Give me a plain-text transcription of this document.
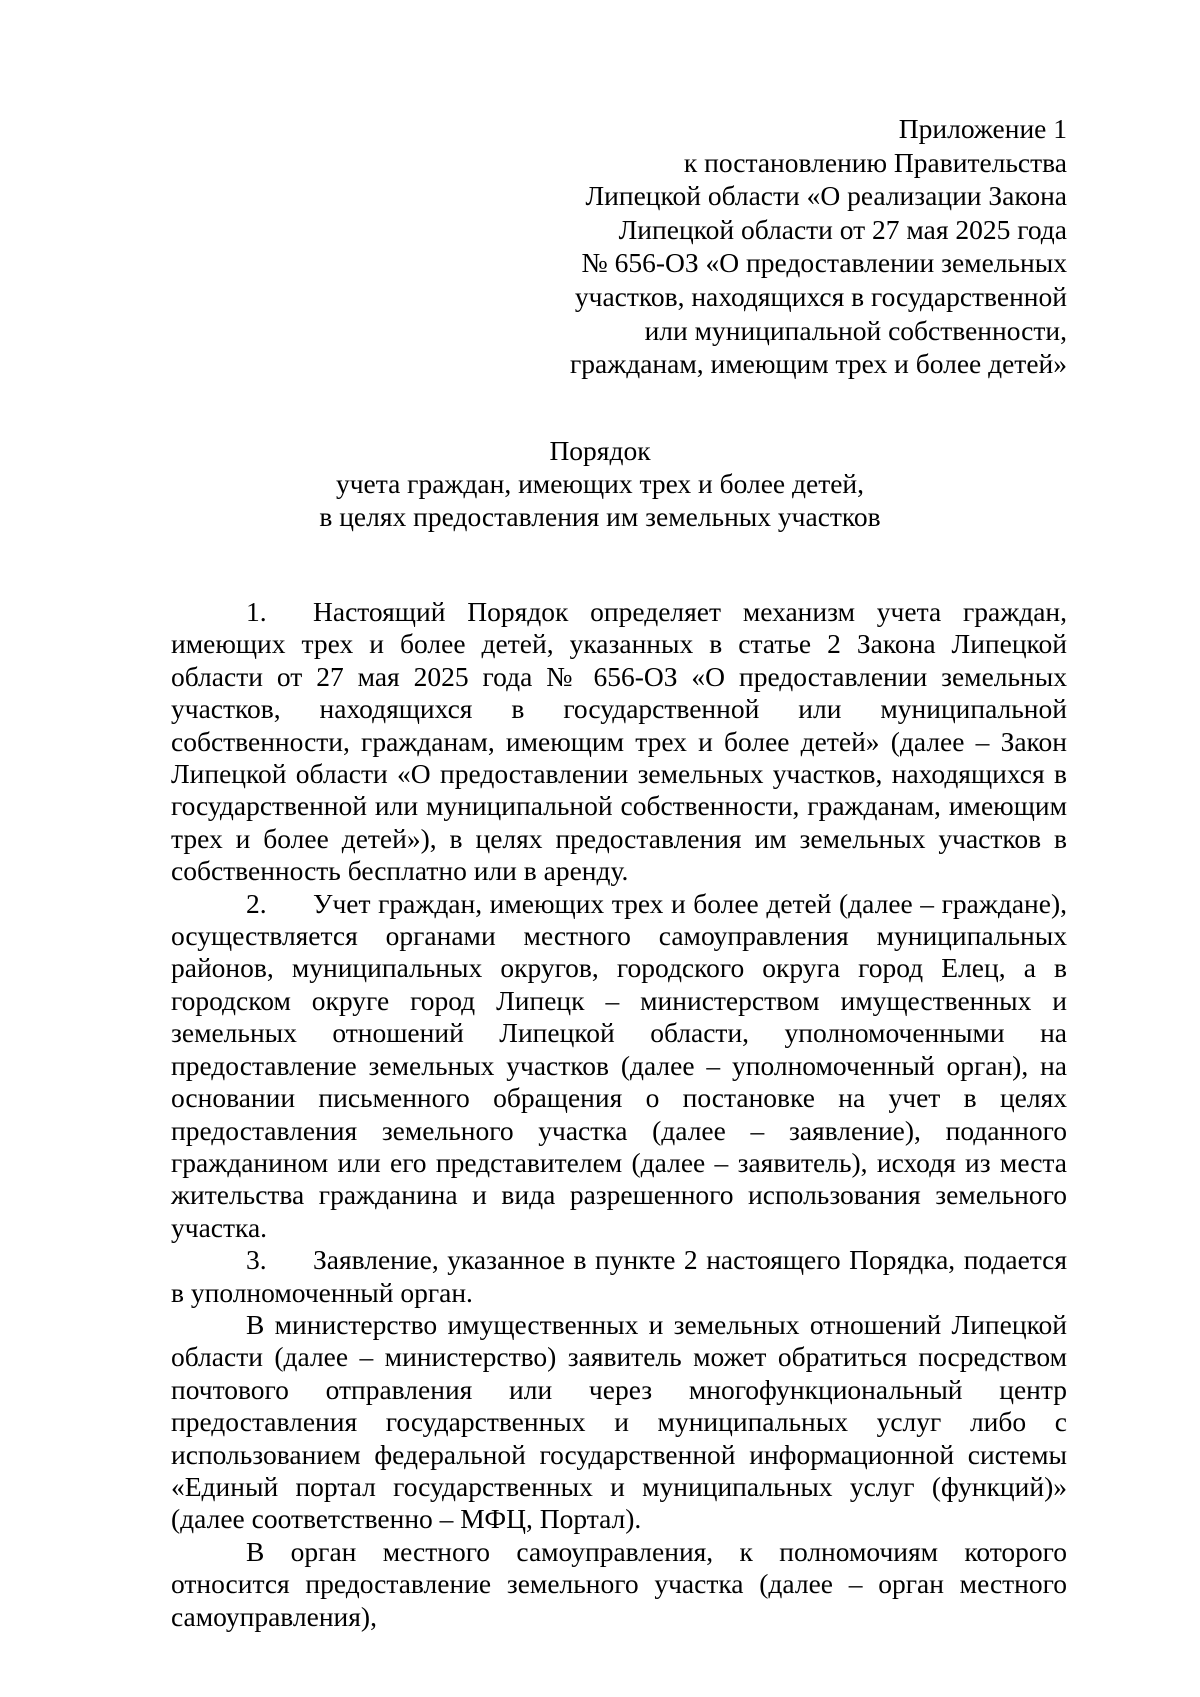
Приложение 1
к постановлению Правительства
Липецкой области «О реализации Закона
Липецкой области от 27 мая 2025 года
№ 656-ОЗ «О предоставлении земельных
участков, находящихся в государственной
или муниципальной собственности,
гражданам, имеющим трех и более детей»
Порядок
учета граждан, имеющих трех и более детей,
в целях предоставления им земельных участков

1. Настоящий Порядок определяет механизм учета граждан, имеющих трех и более детей, указанных в статье 2 Закона Липецкой области от 27 мая 2025 года № 656-ОЗ «О предоставлении земельных участков, находящихся в государственной или муниципальной собственности, гражданам, имеющим трех и более детей» (далее – Закон Липецкой области «О предоставлении земельных участков, находящихся в государственной или муниципальной собственности, гражданам, имеющим трех и более детей»), в целях предоставления им земельных участков в собственность бесплатно или в аренду.

2. Учет граждан, имеющих трех и более детей (далее – граждане), осуществляется органами местного самоуправления муниципальных районов, муниципальных округов, городского округа город Елец, а в городском округе город Липецк – министерством имущественных и земельных отношений Липецкой области, уполномоченными на предоставление земельных участков (далее – уполномоченный орган), на основании письменного обращения о постановке на учет в целях предоставления земельного участка (далее – заявление), поданного гражданином или его представителем (далее – заявитель), исходя из места жительства гражданина и вида разрешенного использования земельного участка.

3. Заявление, указанное в пункте 2 настоящего Порядка, подается в уполномоченный орган.

В министерство имущественных и земельных отношений Липецкой области (далее – министерство) заявитель может обратиться посредством почтового отправления или через многофункциональный центр предоставления государственных и муниципальных услуг либо с использованием федеральной государственной информационной системы «Единый портал государственных и муниципальных услуг (функций)» (далее соответственно – МФЦ, Портал).

В орган местного самоуправления, к полномочиям которого относится предоставление земельного участка (далее – орган местного самоуправления),
